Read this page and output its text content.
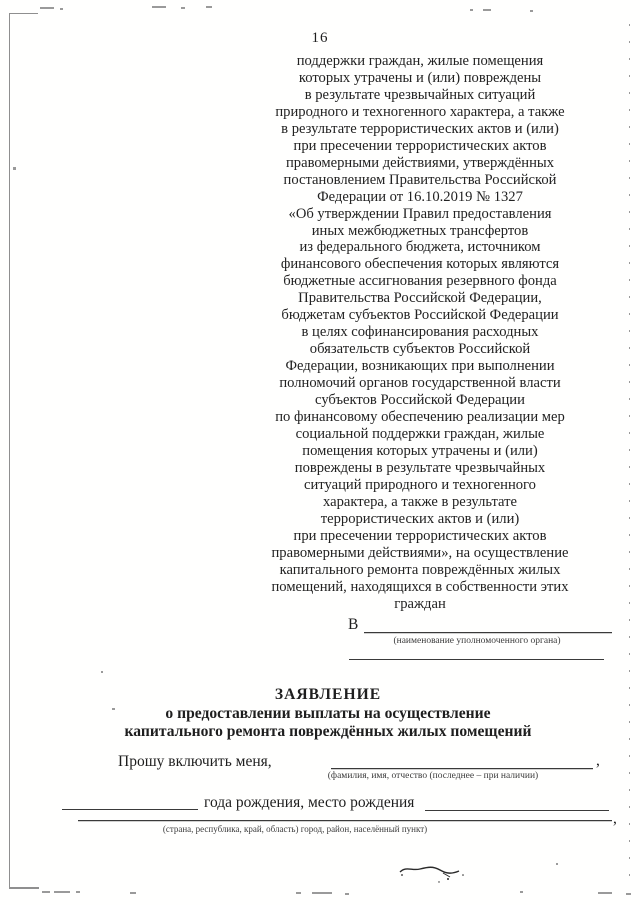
16
поддержки граждан, жилые помещения
которых утрачены и (или) повреждены
в результате чрезвычайных ситуаций
природного и техногенного характера, а также
в результате террористических актов и (или)
при пресечении террористических актов
правомерными действиями, утверждённых
постановлением Правительства Российской
Федерации от 16.10.2019 № 1327
«Об утверждении Правил предоставления
иных межбюджетных трансфертов
из федерального бюджета, источником
финансового обеспечения которых являются
бюджетные ассигнования резервного фонда
Правительства Российской Федерации,
бюджетам субъектов Российской Федерации
в целях софинансирования расходных
обязательств субъектов Российской
Федерации, возникающих при выполнении
полномочий органов государственной власти
субъектов Российской Федерации
по финансовому обеспечению реализации мер
социальной поддержки граждан, жилые
помещения которых утрачены и (или)
повреждены в результате чрезвычайных
ситуаций природного и техногенного
характера, а также в результате
террористических актов и (или)
при пресечении террористических актов
правомерными действиями», на осуществление
капитального ремонта повреждённых жилых
помещений, находящихся в собственности этих
граждан
В
(наименование уполномоченного органа)
ЗАЯВЛЕНИЕ
о предоставлении выплаты на осуществление
капитального ремонта повреждённых жилых помещений
Прошу включить меня,	,
(фамилия, имя, отчество (последнее – при наличии)
года рождения, место рождения
,
(страна, республика, край, область) город, район, населённый пункт)
